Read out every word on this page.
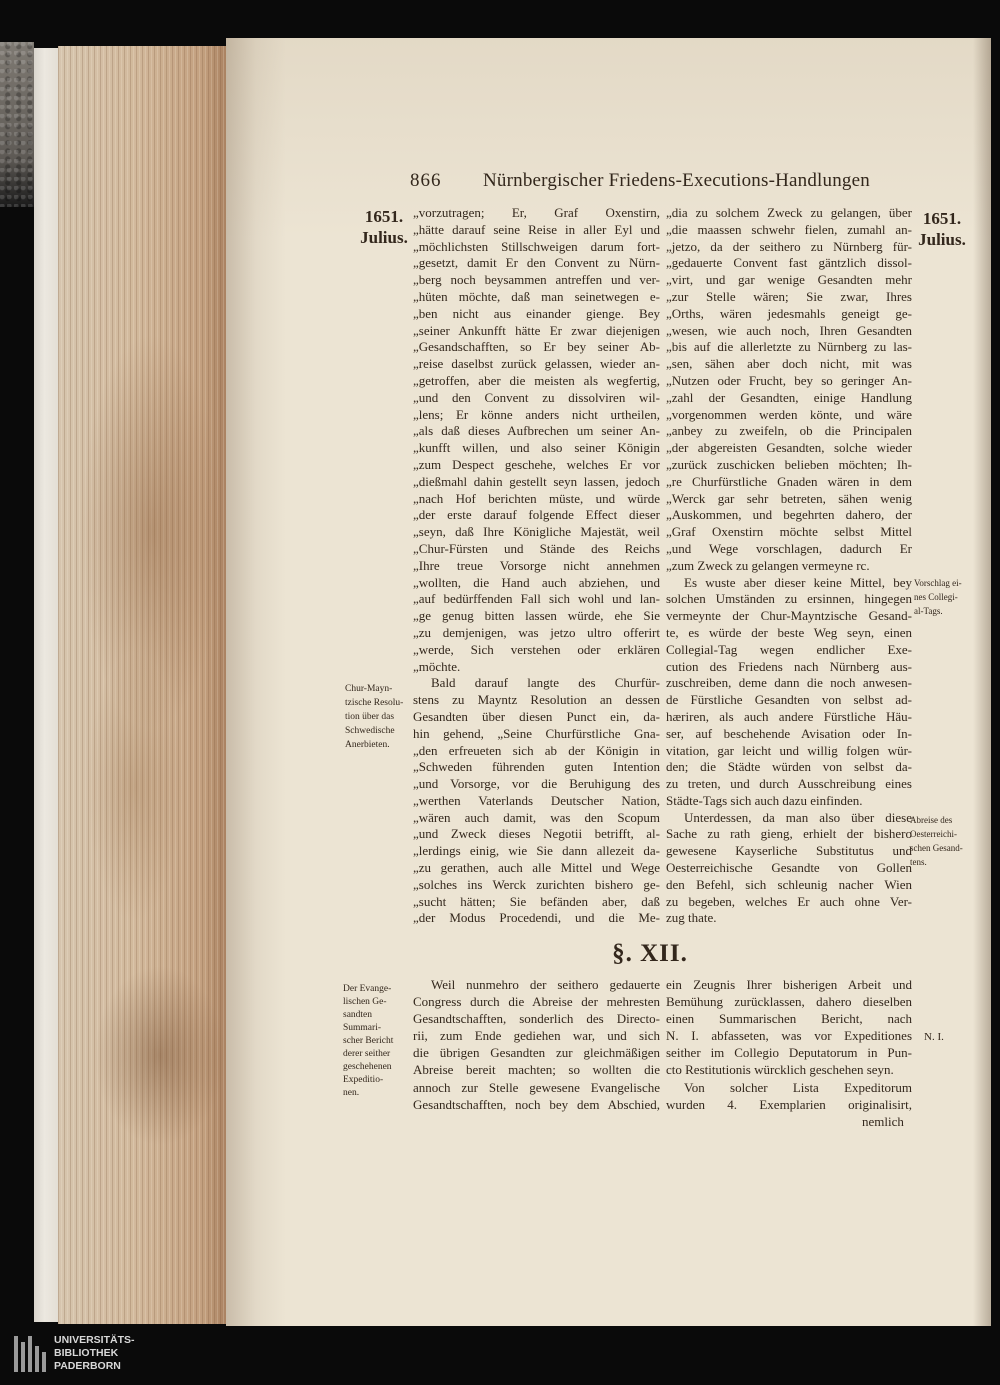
866 Nürnbergischer Friedens-Executions-Handlungen
1651.
Julius.
1651.
Julius.
„vorzutragen; Er, Graf Oxenstirn,
„hätte darauf seine Reise in aller Eyl und
„möchlichsten Stillschweigen darum fort-
„gesetzt, damit Er den Convent zu Nürn-
„berg noch beysammen antreffen und ver-
„hüten möchte, daß man seinetwegen e-
„ben nicht aus einander gienge. Bey
„seiner Ankunfft hätte Er zwar diejenigen
„Gesandschafften, so Er bey seiner Ab-
„reise daselbst zurück gelassen, wieder an-
„getroffen, aber die meisten als wegfertig,
„und den Convent zu dissolviren wil-
„lens; Er könne anders nicht urtheilen,
„als daß dieses Aufbrechen um seiner An-
„kunfft willen, und also seiner Königin
„zum Despect geschehe, welches Er vor
„dießmahl dahin gestellt seyn lassen, jedoch
„nach Hof berichten müste, und würde
„der erste darauf folgende Effect dieser
„seyn, daß Ihre Königliche Majestät, weil
„Chur-Fürsten und Stände des Reichs
„Ihre treue Vorsorge nicht annehmen
„wollten, die Hand auch abziehen, und
„auf bedürffenden Fall sich wohl und lan-
„ge genug bitten lassen würde, ehe Sie
„zu demjenigen, was jetzo ultro offerirt
„werde, Sich verstehen oder erklären
„möchte.
Bald darauf langte des Churfür-
stens zu Mayntz Resolution an dessen
Gesandten über diesen Punct ein, da-
hin gehend, „Seine Churfürstliche Gna-
„den erfreueten sich ab der Königin in
„Schweden führenden guten Intention
„und Vorsorge, vor die Beruhigung des
„werthen Vaterlands Deutscher Nation,
„wären auch damit, was den Scopum
„und Zweck dieses Negotii betrifft, al-
„lerdings einig, wie Sie dann allezeit da-
„zu gerathen, auch alle Mittel und Wege
„solches ins Werck zurichten bishero ge-
„sucht hätten; Sie befänden aber, daß
„der Modus Procedendi, und die Me-
„dia zu solchem Zweck zu gelangen, über
„die maassen schwehr fielen, zumahl an-
„jetzo, da der seithero zu Nürnberg für-
„gedauerte Convent fast gäntzlich dissol-
„virt, und gar wenige Gesandten mehr
„zur Stelle wären; Sie zwar, Ihres
„Orths, wären jedesmahls geneigt ge-
„wesen, wie auch noch, Ihren Gesandten
„bis auf die allerletzte zu Nürnberg zu las-
„sen, sähen aber doch nicht, mit was
„Nutzen oder Frucht, bey so geringer An-
„zahl der Gesandten, einige Handlung
„vorgenommen werden könte, und wäre
„anbey zu zweifeln, ob die Principalen
„der abgereisten Gesandten, solche wieder
„zurück zuschicken belieben möchten; Ih-
„re Churfürstliche Gnaden wären in dem
„Werck gar sehr betreten, sähen wenig
„Auskommen, und begehrten dahero, der
„Graf Oxenstirn möchte selbst Mittel
„und Wege vorschlagen, dadurch Er
„zum Zweck zu gelangen vermeyne rc.
Es wuste aber dieser keine Mittel, bey
solchen Umständen zu ersinnen, hingegen
vermeynte der Chur-Mayntzische Gesand-
te, es würde der beste Weg seyn, einen
Collegial-Tag wegen endlicher Exe-
cution des Friedens nach Nürnberg aus-
zuschreiben, deme dann die noch anwesen-
de Fürstliche Gesandten von selbst ad-
hæriren, als auch andere Fürstliche Häu-
ser, auf beschehende Avisation oder In-
vitation, gar leicht und willig folgen wür-
den; die Städte würden von selbst da-
zu treten, und durch Ausschreibung eines
Städte-Tags sich auch dazu einfinden.
Unterdessen, da man also über diese
Sache zu rath gieng, erhielt der bishero
gewesene Kayserliche Substitutus und
Oesterreichische Gesandte von Gollen
den Befehl, sich schleunig nacher Wien
zu begeben, welches Er auch ohne Ver-
zug thate.
Chur-Mayn-
tzische Resolu-
tion über das
Schwedische
Anerbieten.
Vorschlag ei-
nes Collegi-
al-Tags.
Abreise des
Oesterreichi-
schen Gesand-
tens.
§. XII.
Der Evange-
lischen Ge-
sandten
Summari-
scher Bericht
derer seither
geschehenen
Expeditio-
nen.
N. I.
Weil nunmehro der seithero gedauerte
Congress durch die Abreise der mehresten
Gesandtschafften, sonderlich des Directo-
rii, zum Ende gediehen war, und sich
die übrigen Gesandten zur gleichmäßigen
Abreise bereit machten; so wollten die
annoch zur Stelle gewesene Evangelische
Gesandtschafften, noch bey dem Abschied,
ein Zeugnis Ihrer bisherigen Arbeit und
Bemühung zurücklassen, dahero dieselben
einen Summarischen Bericht, nach
N. I. abfasseten, was vor Expeditiones
seither im Collegio Deputatorum in Pun-
cto Restitutionis würcklich geschehen seyn.
Von solcher Lista Expeditorum
wurden 4. Exemplarien originalisirt,
nemlich
UNIVERSITÄTS-
BIBLIOTHEK
PADERBORN
